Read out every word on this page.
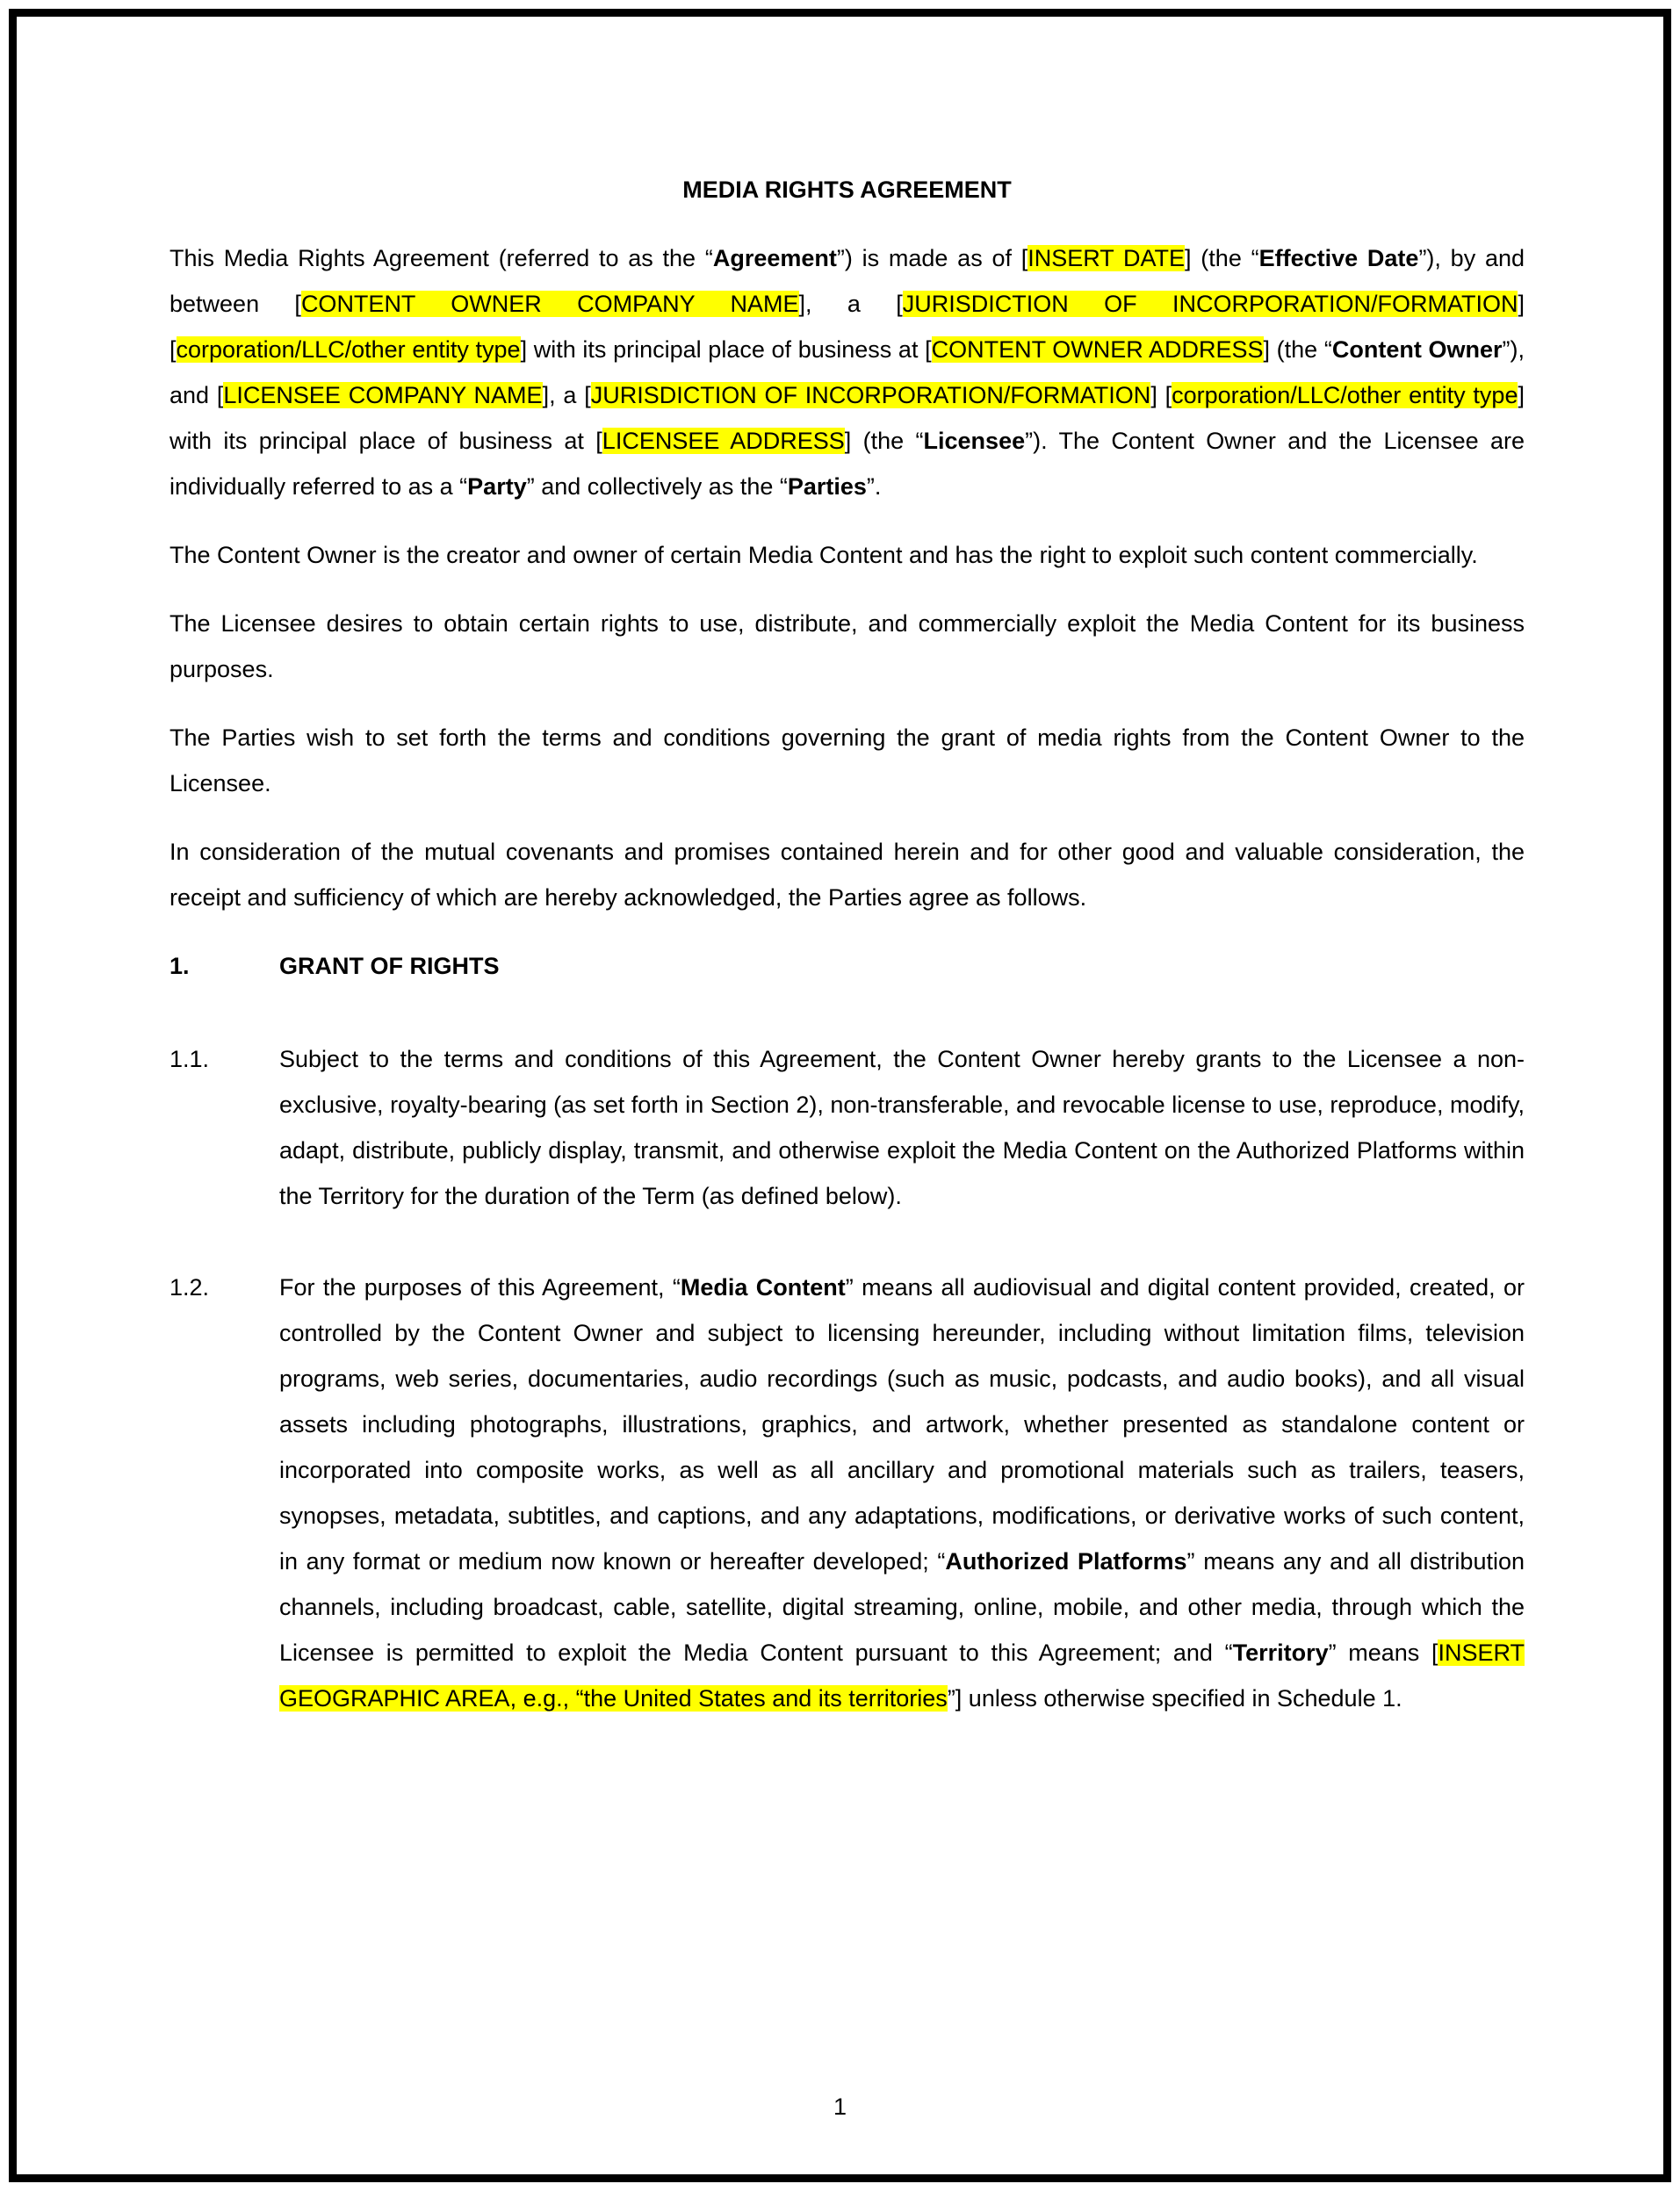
MEDIA RIGHTS AGREEMENT

This Media Rights Agreement (referred to as the “Agreement”) is made as of [INSERT DATE] (the “Effective Date”), by and between [CONTENT OWNER COMPANY NAME], a [JURISDICTION OF INCORPORATION/FORMATION] [corporation/LLC/other entity type] with its principal place of business at [CONTENT OWNER ADDRESS] (the “Content Owner”), and [LICENSEE COMPANY NAME], a [JURISDICTION OF INCORPORATION/FORMATION] [corporation/LLC/other entity type] with its principal place of business at [LICENSEE ADDRESS] (the “Licensee”). The Content Owner and the Licensee are individually referred to as a “Party” and collectively as the “Parties”.

The Content Owner is the creator and owner of certain Media Content and has the right to exploit such content commercially.

The Licensee desires to obtain certain rights to use, distribute, and commercially exploit the Media Content for its business purposes.

The Parties wish to set forth the terms and conditions governing the grant of media rights from the Content Owner to the Licensee.

In consideration of the mutual covenants and promises contained herein and for other good and valuable consideration, the receipt and sufficiency of which are hereby acknowledged, the Parties agree as follows.

1.	GRANT OF RIGHTS
1.1.	Subject to the terms and conditions of this Agreement, the Content Owner hereby grants to the Licensee a non-exclusive, royalty-bearing (as set forth in Section 2), non-transferable, and revocable license to use, reproduce, modify, adapt, distribute, publicly display, transmit, and otherwise exploit the Media Content on the Authorized Platforms within the Territory for the duration of the Term (as defined below).
1.2.	For the purposes of this Agreement, “Media Content” means all audiovisual and digital content provided, created, or controlled by the Content Owner and subject to licensing hereunder, including without limitation films, television programs, web series, documentaries, audio recordings (such as music, podcasts, and audio books), and all visual assets including photographs, illustrations, graphics, and artwork, whether presented as standalone content or incorporated into composite works, as well as all ancillary and promotional materials such as trailers, teasers, synopses, metadata, subtitles, and captions, and any adaptations, modifications, or derivative works of such content, in any format or medium now known or hereafter developed; “Authorized Platforms” means any and all distribution channels, including broadcast, cable, satellite, digital streaming, online, mobile, and other media, through which the Licensee is permitted to exploit the Media Content pursuant to this Agreement; and “Territory” means [INSERT GEOGRAPHIC AREA, e.g., “the United States and its territories”] unless otherwise specified in Schedule 1.
1
